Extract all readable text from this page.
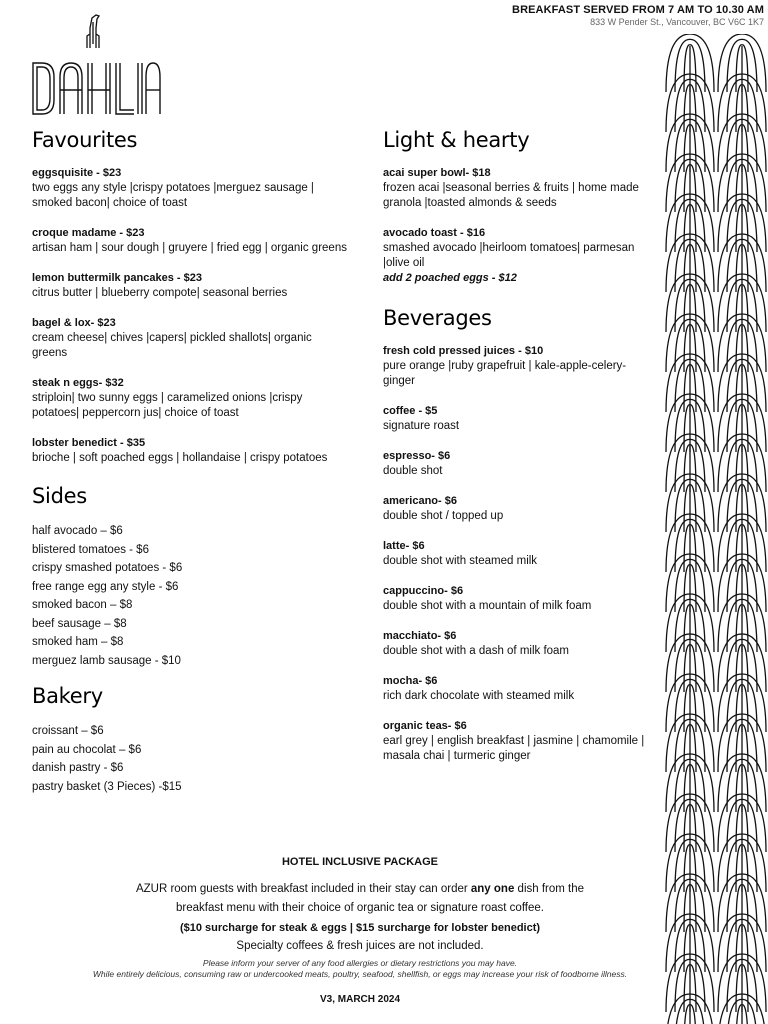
BREAKFAST SERVED FROM 7 AM TO 10.30 AM
833 W Pender St., Vancouver, BC V6C 1K7
Favourites
eggsquisite - $23
two eggs any style |crispy potatoes |merguez sausage | smoked bacon| choice of toast
croque madame - $23
artisan ham | sour dough | gruyere | fried egg | organic greens
lemon buttermilk pancakes - $23
citrus butter | blueberry compote| seasonal berries
bagel & lox- $23
cream cheese| chives |capers| pickled shallots| organic greens
steak n eggs- $32
striploin| two sunny eggs | caramelized onions |crispy potatoes| peppercorn jus| choice of toast
lobster benedict - $35
brioche | soft poached eggs | hollandaise | crispy potatoes
Sides
half avocado – $6
blistered tomatoes - $6
crispy smashed potatoes - $6
free range egg any style - $6
smoked bacon – $8
beef sausage – $8
smoked ham – $8
merguez lamb sausage - $10
Bakery
croissant – $6
pain au chocolat – $6
danish pastry - $6
pastry basket (3 Pieces) -$15
Light & hearty
acai super bowl- $18
frozen acai |seasonal berries & fruits | home made granola |toasted almonds & seeds
avocado toast - $16
smashed avocado |heirloom tomatoes| parmesan |olive oil
add 2 poached eggs - $12
Beverages
fresh cold pressed juices - $10
pure orange |ruby grapefruit | kale-apple-celery-ginger
coffee - $5
signature roast
espresso- $6
double shot
americano- $6
double shot / topped up
latte- $6
double shot with steamed milk
cappuccino- $6
double shot with a mountain of milk foam
macchiato- $6
double shot with a dash of milk foam
mocha- $6
rich dark chocolate with steamed milk
organic teas- $6
earl grey | english breakfast | jasmine | chamomile | masala chai | turmeric ginger
HOTEL INCLUSIVE PACKAGE
AZUR room guests with breakfast included in their stay can order any one dish from the breakfast menu with their choice of organic tea or signature roast coffee.
($10 surcharge for steak & eggs | $15 surcharge for lobster benedict)
Specialty coffees & fresh juices are not included.
Please inform your server of any food allergies or dietary restrictions you may have.
While entirely delicious, consuming raw or undercooked meats, poultry, seafood, shellfish, or eggs may increase your risk of foodborne illness.
V3, MARCH 2024
